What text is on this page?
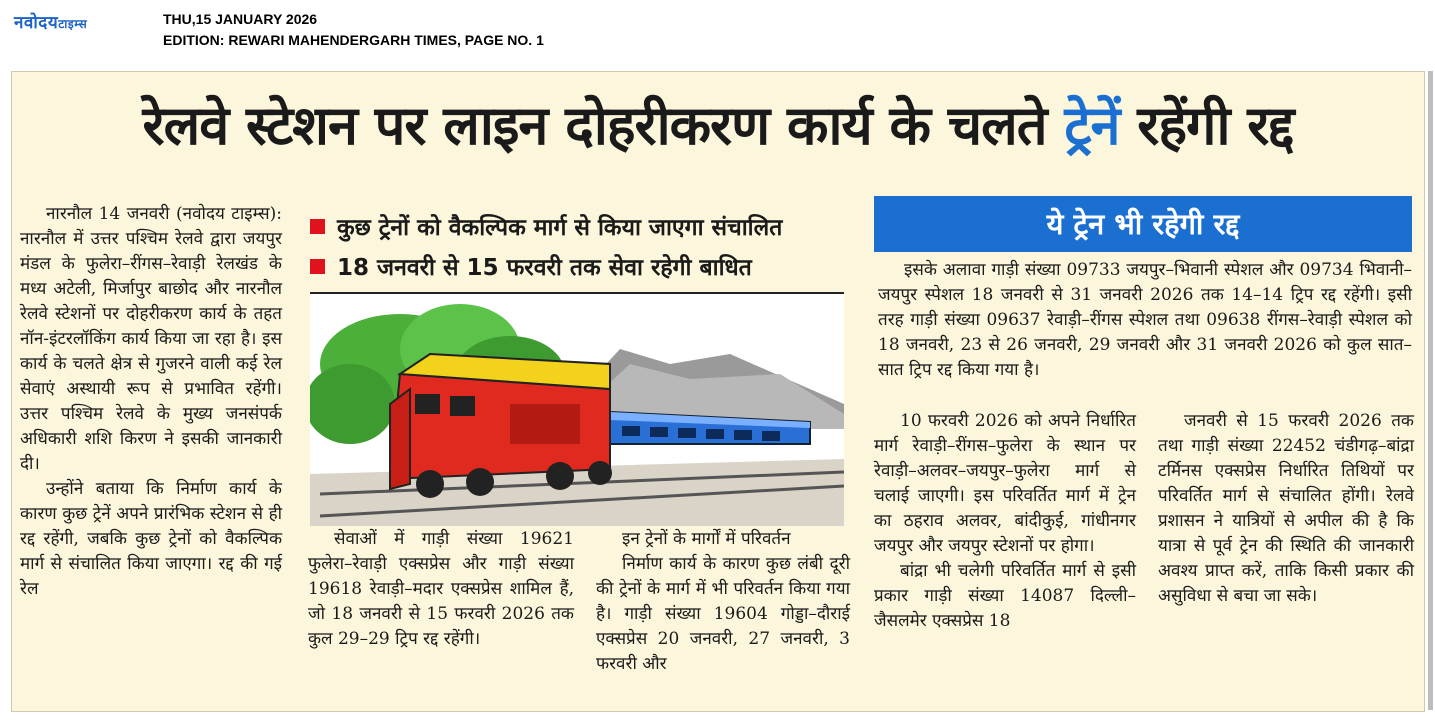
नवोदयटाइम्स	THU,15 JANUARY 2026
EDITION: REWARI MAHENDERGARH TIMES, PAGE NO. 1
रेलवे स्टेशन पर लाइन दोहरीकरण कार्य के चलते ट्रेनें रहेंगी रद्द

नारनौल 14 जनवरी (नवोदय टाइम्स): नारनौल में उत्तर पश्चिम रेलवे द्वारा जयपुर मंडल के फुलेरा–रींगस–रेवाड़ी रेलखंड के मध्य अटेली, मिर्जापुर बाछोद और नारनौल रेलवे स्टेशनों पर दोहरीकरण कार्य के तहत नॉन-इंटरलॉकिंग कार्य किया जा रहा है। इस कार्य के चलते क्षेत्र से गुजरने वाली कई रेल सेवाएं अस्थायी रूप से प्रभावित रहेंगी। उत्तर पश्चिम रेलवे के मुख्य जनसंपर्क अधिकारी शशि किरण ने इसकी जानकारी दी।

उन्होंने बताया कि निर्माण कार्य के कारण कुछ ट्रेनें अपने प्रारंभिक स्टेशन से ही रद्द रहेंगी, जबकि कुछ ट्रेनों को वैकल्पिक मार्ग से संचालित किया जाएगा। रद्द की गई रेल

कुछ ट्रेनों को वैकल्पिक मार्ग से किया जाएगा संचालित
18 जनवरी से 15 फरवरी तक सेवा रहेगी बाधित

सेवाओं में गाड़ी संख्या 19621 फुलेरा–रेवाड़ी एक्सप्रेस और गाड़ी संख्या 19618 रेवाड़ी–मदार एक्सप्रेस शामिल हैं, जो 18 जनवरी से 15 फरवरी 2026 तक कुल 29–29 ट्रिप रद्द रहेंगी।

इन ट्रेनों के मार्गों में परिवर्तन

निर्माण कार्य के कारण कुछ लंबी दूरी की ट्रेनों के मार्ग में भी परिवर्तन किया गया है। गाड़ी संख्या 19604 गोड्डा–दौराई एक्सप्रेस 20 जनवरी, 27 जनवरी, 3 फरवरी और

ये ट्रेन भी रहेगी रद्द

इसके अलावा गाड़ी संख्या 09733 जयपुर–भिवानी स्पेशल और 09734 भिवानी–जयपुर स्पेशल 18 जनवरी से 31 जनवरी 2026 तक 14–14 ट्रिप रद्द रहेंगी। इसी तरह गाड़ी संख्या 09637 रेवाड़ी–रींगस स्पेशल तथा 09638 रींगस–रेवाड़ी स्पेशल को 18 जनवरी, 23 से 26 जनवरी, 29 जनवरी और 31 जनवरी 2026 को कुल सात–सात ट्रिप रद्द किया गया है।

10 फरवरी 2026 को अपने निर्धारित मार्ग रेवाड़ी–रींगस–फुलेरा के स्थान पर रेवाड़ी–अलवर–जयपुर–फुलेरा मार्ग से चलाई जाएगी। इस परिवर्तित मार्ग में ट्रेन का ठहराव अलवर, बांदीकुई, गांधीनगर जयपुर और जयपुर स्टेशनों पर होगा।

बांद्रा भी चलेगी परिवर्तित मार्ग से इसी प्रकार गाड़ी संख्या 14087 दिल्ली–जैसलमेर एक्सप्रेस 18

जनवरी से 15 फरवरी 2026 तक तथा गाड़ी संख्या 22452 चंडीगढ़–बांद्रा टर्मिनस एक्सप्रेस निर्धारित तिथियों पर परिवर्तित मार्ग से संचालित होंगी। रेलवे प्रशासन ने यात्रियों से अपील की है कि यात्रा से पूर्व ट्रेन की स्थिति की जानकारी अवश्य प्राप्त करें, ताकि किसी प्रकार की असुविधा से बचा जा सके।
